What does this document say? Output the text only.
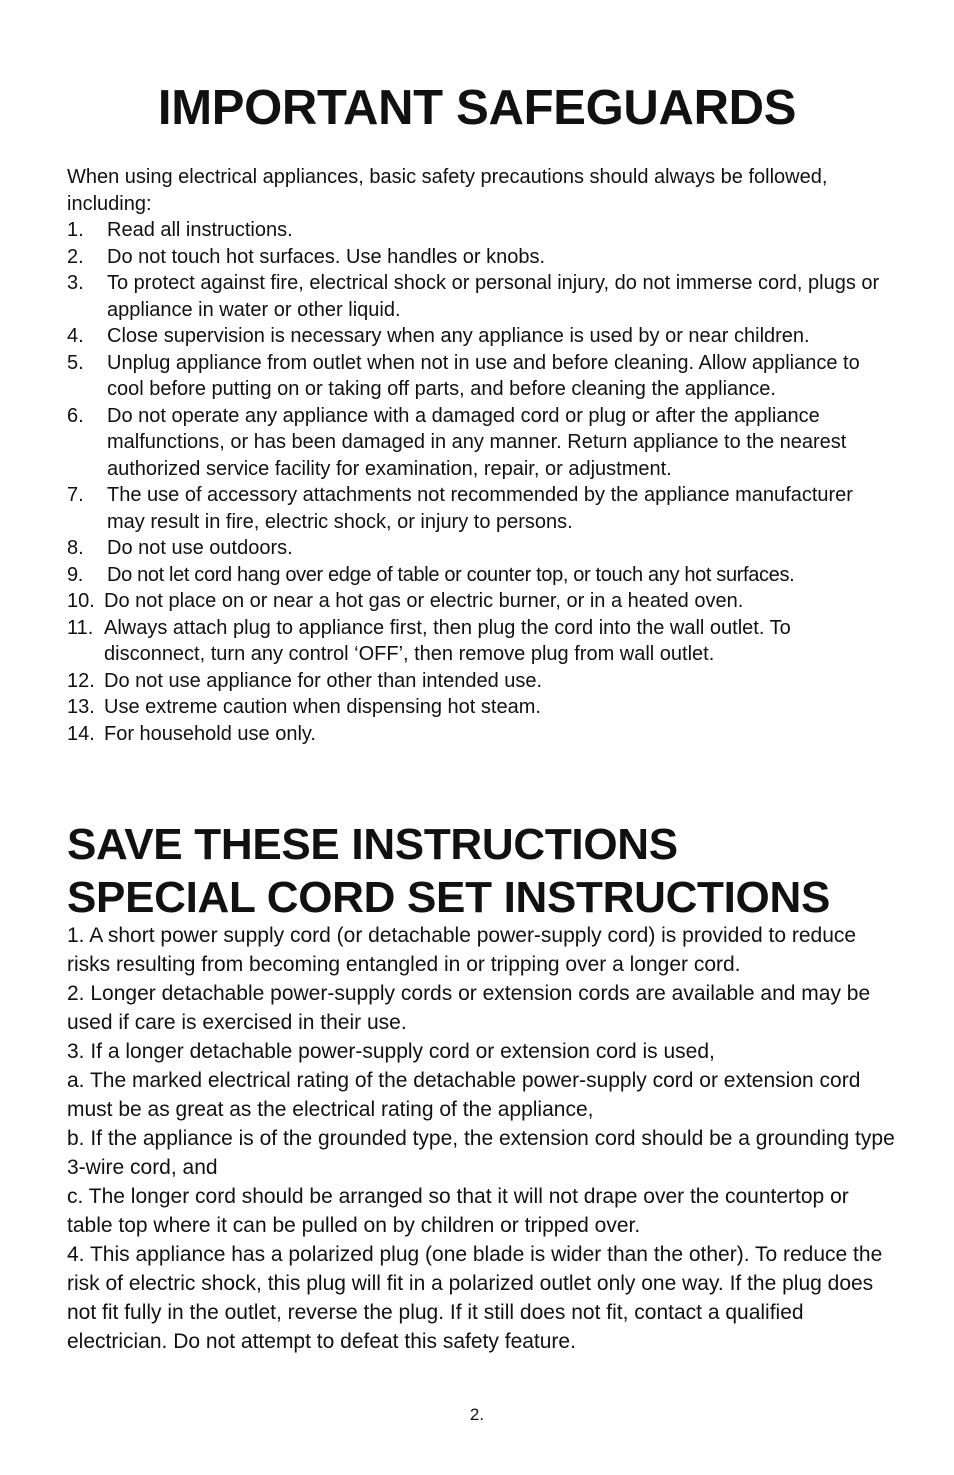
IMPORTANT SAFEGUARDS

When using electrical appliances, basic safety precautions should always be followed, including:

1. Read all instructions.
2. Do not touch hot surfaces. Use handles or knobs.
3. To protect against fire, electrical shock or personal injury, do not immerse cord, plugs or appliance in water or other liquid.
4. Close supervision is necessary when any appliance is used by or near children.
5. Unplug appliance from outlet when not in use and before cleaning. Allow appliance to cool before putting on or taking off parts, and before cleaning the appliance.
6. Do not operate any appliance with a damaged cord or plug or after the appliance malfunctions, or has been damaged in any manner. Return appliance to the nearest authorized service facility for examination, repair, or adjustment.
7. The use of accessory attachments not recommended by the appliance manufacturer may result in fire, electric shock, or injury to persons.
8. Do not use outdoors.
9. Do not let cord hang over edge of table or counter top, or touch any hot surfaces.
10. Do not place on or near a hot gas or electric burner, or in a heated oven.
11. Always attach plug to appliance first, then plug the cord into the wall outlet. To disconnect, turn any control ‘OFF’, then remove plug from wall outlet.
12. Do not use appliance for other than intended use.
13. Use extreme caution when dispensing hot steam.
14. For household use only.
SAVE THESE INSTRUCTIONS
SPECIAL CORD SET INSTRUCTIONS

1. A short power supply cord (or detachable power-supply cord) is provided to reduce risks resulting from becoming entangled in or tripping over a longer cord.

2. Longer detachable power-supply cords or extension cords are available and may be used if care is exercised in their use.

3. If a longer detachable power-supply cord or extension cord is used,

a. The marked electrical rating of the detachable power-supply cord or extension cord must be as great as the electrical rating of the appliance,

b. If the appliance is of the grounded type, the extension cord should be a grounding type 3-wire cord, and

c. The longer cord should be arranged so that it will not drape over the countertop or table top where it can be pulled on by children or tripped over.

4. This appliance has a polarized plug (one blade is wider than the other). To reduce the risk of electric shock, this plug will fit in a polarized outlet only one way. If the plug does not fit fully in the outlet, reverse the plug. If it still does not fit, contact a qualified electrician. Do not attempt to defeat this safety feature.

2.
